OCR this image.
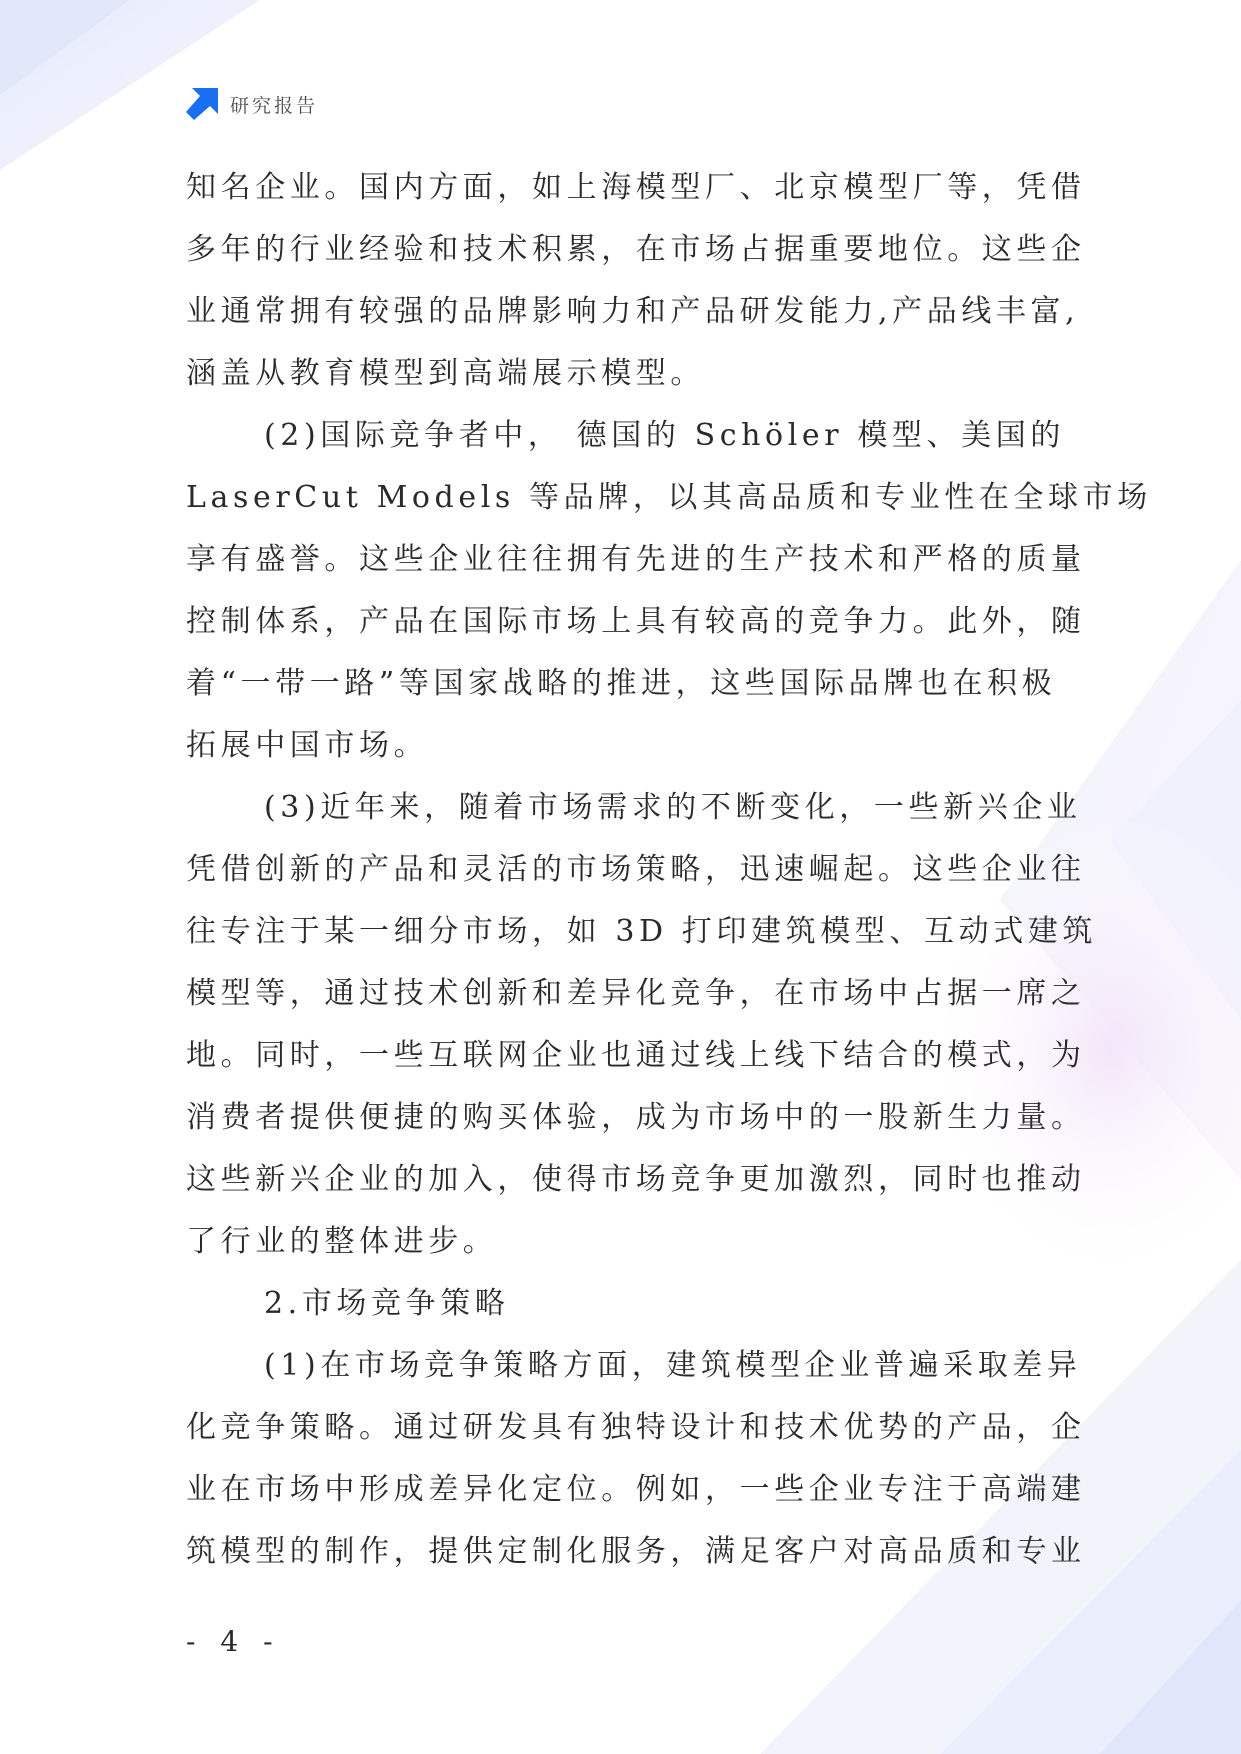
研究报告
知名企业。国内方面，如上海模型厂、北京模型厂等，凭借
多年的行业经验和技术积累，在市场占据重要地位。这些企
业通常拥有较强的品牌影响力和产品研发能力,产品线丰富,
涵盖从教育模型到高端展示模型。
(2)国际竞争者中， 德国的 Schöler 模型、美国的
LaserCut Models 等品牌，以其高品质和专业性在全球市场
享有盛誉。这些企业往往拥有先进的生产技术和严格的质量
控制体系，产品在国际市场上具有较高的竞争力。此外，随
着“一带一路”等国家战略的推进，这些国际品牌也在积极
拓展中国市场。
(3)近年来，随着市场需求的不断变化，一些新兴企业
凭借创新的产品和灵活的市场策略，迅速崛起。这些企业往
往专注于某一细分市场，如 3D 打印建筑模型、互动式建筑
模型等，通过技术创新和差异化竞争，在市场中占据一席之
地。同时，一些互联网企业也通过线上线下结合的模式，为
消费者提供便捷的购买体验，成为市场中的一股新生力量。
这些新兴企业的加入，使得市场竞争更加激烈，同时也推动
了行业的整体进步。
2.市场竞争策略
(1)在市场竞争策略方面，建筑模型企业普遍采取差异
化竞争策略。通过研发具有独特设计和技术优势的产品，企
业在市场中形成差异化定位。例如，一些企业专注于高端建
筑模型的制作，提供定制化服务，满足客户对高品质和专业
- 4 -
